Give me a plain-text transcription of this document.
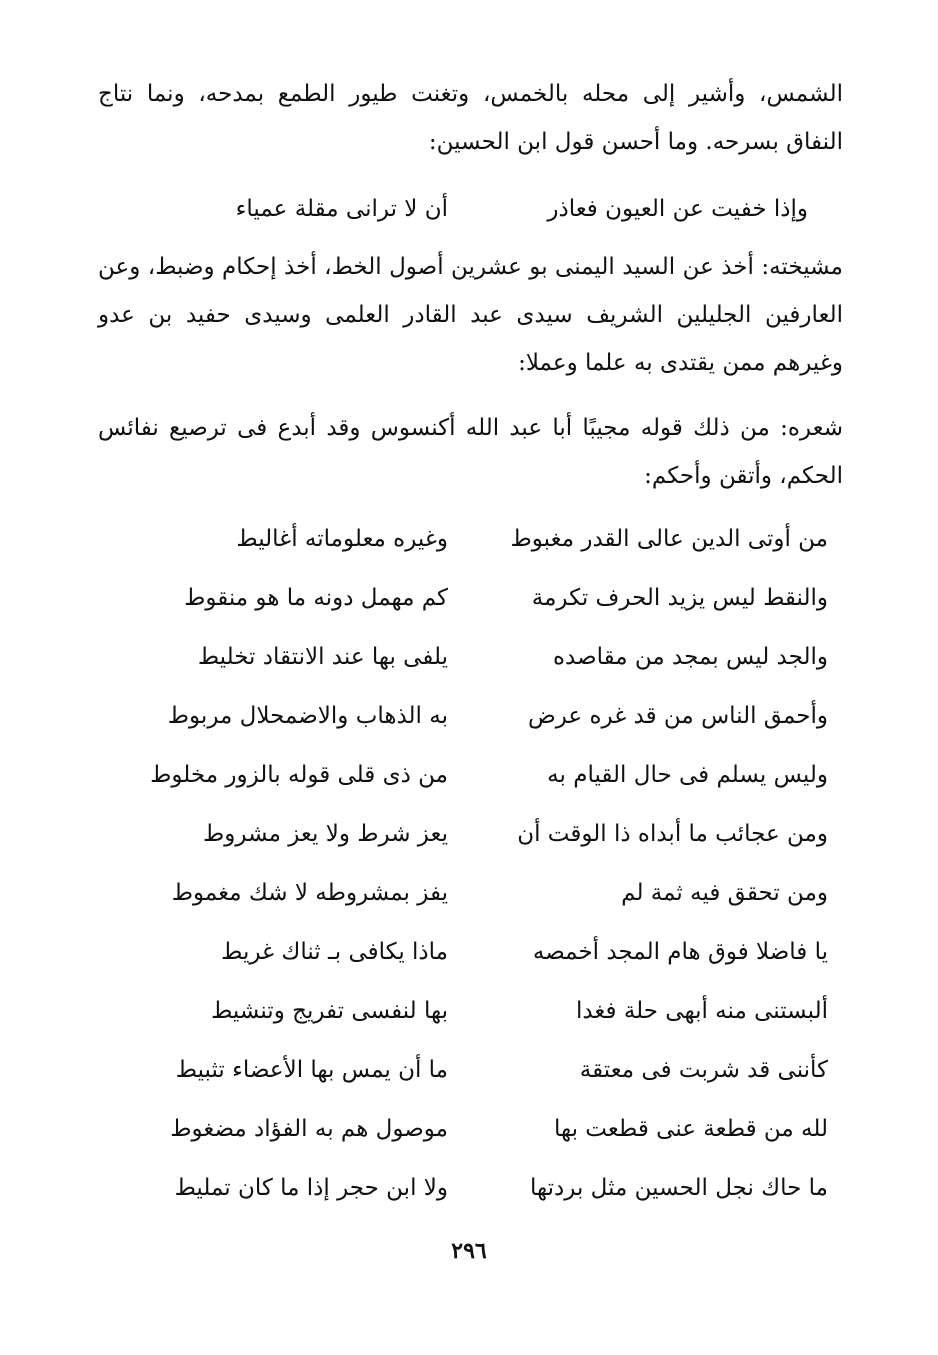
الشمس، وأشير إلى محله بالخمس، وتغنت طيور الطمع بمدحه، ونما نتاج النفاق بسرحه. وما أحسن قول ابن الحسين:

وإذا خفيت عن العيون فعاذر
أن لا ترانى مقلة عمياء

مشيخته: أخذ عن السيد اليمنى بو عشرين أصول الخط، أخذ إحكام وضبط، وعن العارفين الجليلين الشريف سيدى عبد القادر العلمى وسيدى حفيد بن عدو وغيرهم ممن يقتدى به علما وعملا:

شعره: من ذلك قوله مجيبًا أبا عبد الله أكنسوس وقد أبدع فى ترصيع نفائس الحكم، وأتقن وأحكم:

من أوتى الدين عالى القدر مغبوط
وغيره معلوماته أغاليط
والنقط ليس يزيد الحرف تكرمة
كم مهمل دونه ما هو منقوط
والجد ليس بمجد من مقاصده
يلفى بها عند الانتقاد تخليط
وأحمق الناس من قد غره عرض
به الذهاب والاضمحلال مربوط
وليس يسلم فى حال القيام به
من ذى قلى قوله بالزور مخلوط
ومن عجائب ما أبداه ذا الوقت أن
يعز شرط ولا يعز مشروط
ومن تحقق فيه ثمة لم
يفز بمشروطه لا شك مغموط
يا فاضلا فوق هام المجد أخمصه
ماذا يكافى بـ ثناك غريط
ألبستنى منه أبهى حلة فغدا
بها لنفسى تفريج وتنشيط
كأننى قد شربت فى معتقة
ما أن يمس بها الأعضاء تثبيط
لله من قطعة عنى قطعت بها
موصول هم به الفؤاد مضغوط
ما حاك نجل الحسين مثل بردتها
ولا ابن حجر إذا ما كان تمليط
٢٩٦
